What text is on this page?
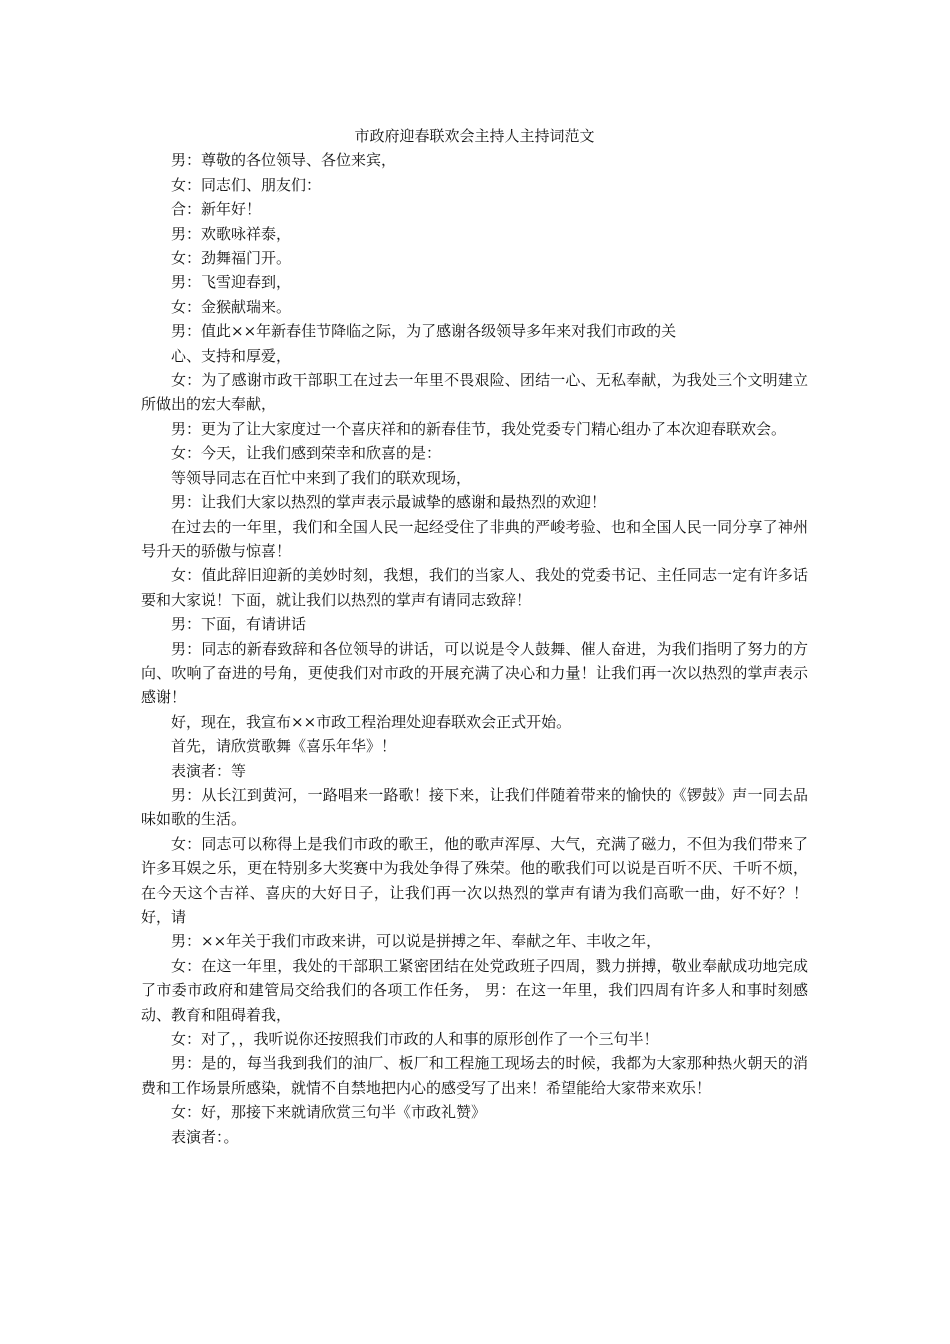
市政府迎春联欢会主持人主持词范文

男：尊敬的各位领导、各位来宾，

女：同志们、朋友们：

合：新年好！

男：欢歌咏祥泰，

女：劲舞福门开。

男：飞雪迎春到，

女：金猴献瑞来。

男：值此××年新春佳节降临之际，为了感谢各级领导多年来对我们市政的关

心、支持和厚爱，

女：为了感谢市政干部职工在过去一年里不畏艰险、团结一心、无私奉献，为我处三个文明建立所做出的宏大奉献，

男：更为了让大家度过一个喜庆祥和的新春佳节，我处党委专门精心组办了本次迎春联欢会。

女：今天，让我们感到荣幸和欣喜的是：

等领导同志在百忙中来到了我们的联欢现场，

男：让我们大家以热烈的掌声表示最诚挚的感谢和最热烈的欢迎！

在过去的一年里，我们和全国人民一起经受住了非典的严峻考验、也和全国人民一同分享了神州号升天的骄傲与惊喜！

女：值此辞旧迎新的美妙时刻，我想，我们的当家人、我处的党委书记、主任同志一定有许多话要和大家说！下面，就让我们以热烈的掌声有请同志致辞！

男：下面，有请讲话

男：同志的新春致辞和各位领导的讲话，可以说是令人鼓舞、催人奋进，为我们指明了努力的方向、吹响了奋进的号角，更使我们对市政的开展充满了决心和力量！让我们再一次以热烈的掌声表示感谢！

好，现在，我宣布××市政工程治理处迎春联欢会正式开始。

首先，请欣赏歌舞《喜乐年华》！

表演者：等

男：从长江到黄河，一路唱来一路歌！接下来，让我们伴随着带来的愉快的《锣鼓》声一同去品味如歌的生活。

女：同志可以称得上是我们市政的歌王，他的歌声浑厚、大气，充满了磁力，不但为我们带来了许多耳娱之乐，更在特别多大奖赛中为我处争得了殊荣。他的歌我们可以说是百听不厌、千听不烦，在今天这个吉祥、喜庆的大好日子，让我们再一次以热烈的掌声有请为我们高歌一曲，好不好？！好，请

男：××年关于我们市政来讲，可以说是拼搏之年、奉献之年、丰收之年，

女：在这一年里，我处的干部职工紧密团结在处党政班子四周，戮力拼搏，敬业奉献成功地完成了市委市政府和建管局交给我们的各项工作任务， 男：在这一年里，我们四周有许多人和事时刻感动、教育和阻碍着我，

女：对了，，我听说你还按照我们市政的人和事的原形创作了一个三句半！

男：是的，每当我到我们的油厂、板厂和工程施工现场去的时候，我都为大家那种热火朝天的消费和工作场景所感染，就情不自禁地把内心的感受写了出来！希望能给大家带来欢乐！

女：好，那接下来就请欣赏三句半《市政礼赞》

表演者：。
